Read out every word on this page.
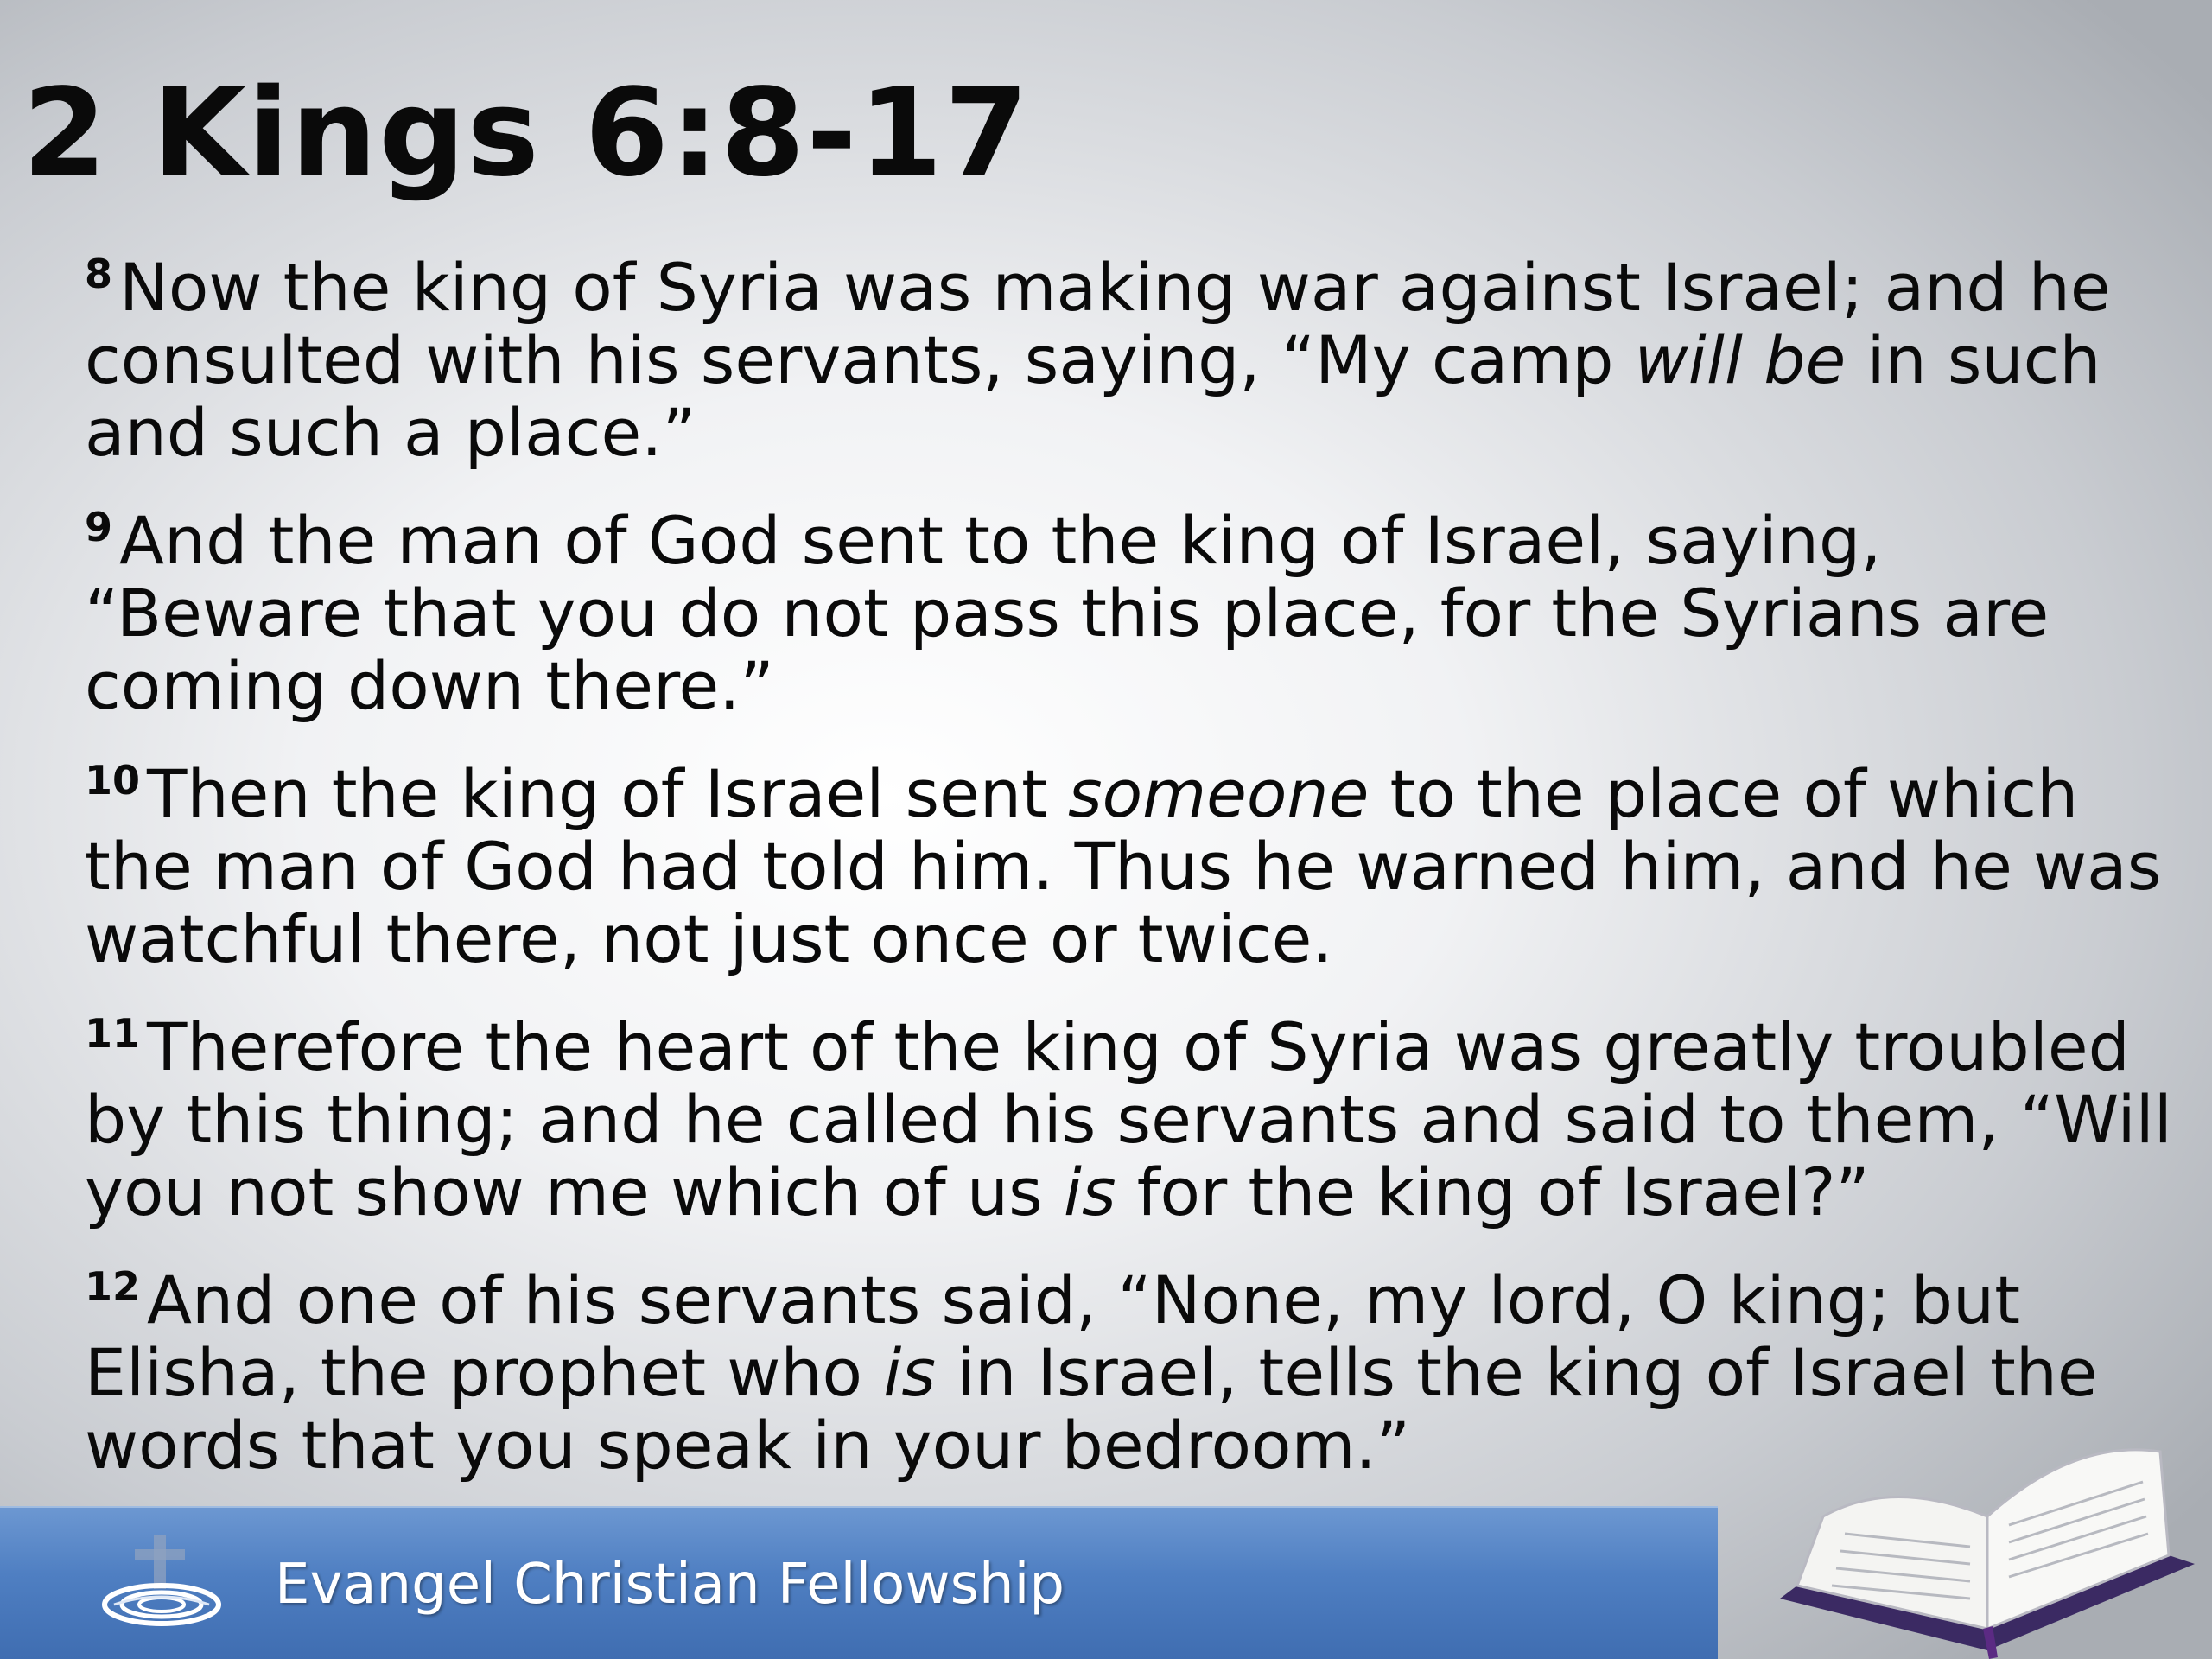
2 Kings 6:8-17

$^8$ Now the king of Syria was making war against Israel; and he consulted with his servants, saying, “My camp will be in such and such a place.”

$^9$ And the man of God sent to the king of Israel, saying, “Beware that you do not pass this place, for the Syrians are coming down there.”

$^{10}$ Then the king of Israel sent someone to the place of which the man of God had told him. Thus he warned him, and he was watchful there, not just once or twice.

$^{11}$ Therefore the heart of the king of Syria was greatly troubled by this thing; and he called his servants and said to them, “Will you not show me which of us is for the king of Israel?”

$^{12}$ And one of his servants said, “None, my lord, O king; but Elisha, the prophet who is in Israel, tells the king of Israel the words that you speak in your bedroom.”

Evangel Christian Fellowship
